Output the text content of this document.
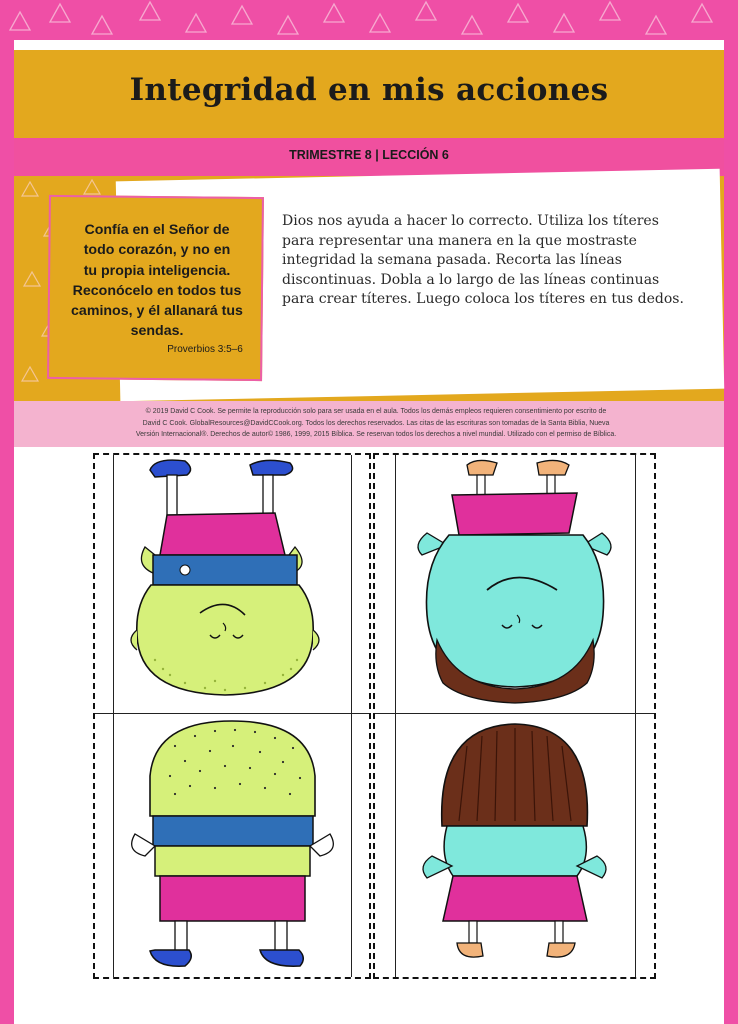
Integridad en mis acciones
TRIMESTRE 8 | LECCIÓN 6
Confía en el Señor de
todo corazón, y no en
tu propia inteligencia.
Reconócelo en todos tus
caminos, y él allanará tus
sendas.
Proverbios 3:5–6
Dios nos ayuda a hacer lo correcto. Utiliza los títeres
para representar una manera en la que mostraste
integridad la semana pasada. Recorta las líneas
discontinuas. Dobla a lo largo de las líneas continuas
para crear títeres. Luego coloca los títeres en tus dedos.
© 2019 David C Cook. Se permite la reproducción solo para ser usada en el aula. Todos los demás empleos requieren consentimiento por escrito de
David C Cook. GlobalResources@DavidCCook.org. Todos los derechos reservados. Las citas de las escrituras son tomadas de la Santa Biblia, Nueva
Versión Internacional®. Derechos de autor© 1986, 1999, 2015 Bíblica. Se reservan todos los derechos a nivel mundial. Utilizado con el permiso de Bíblica.
